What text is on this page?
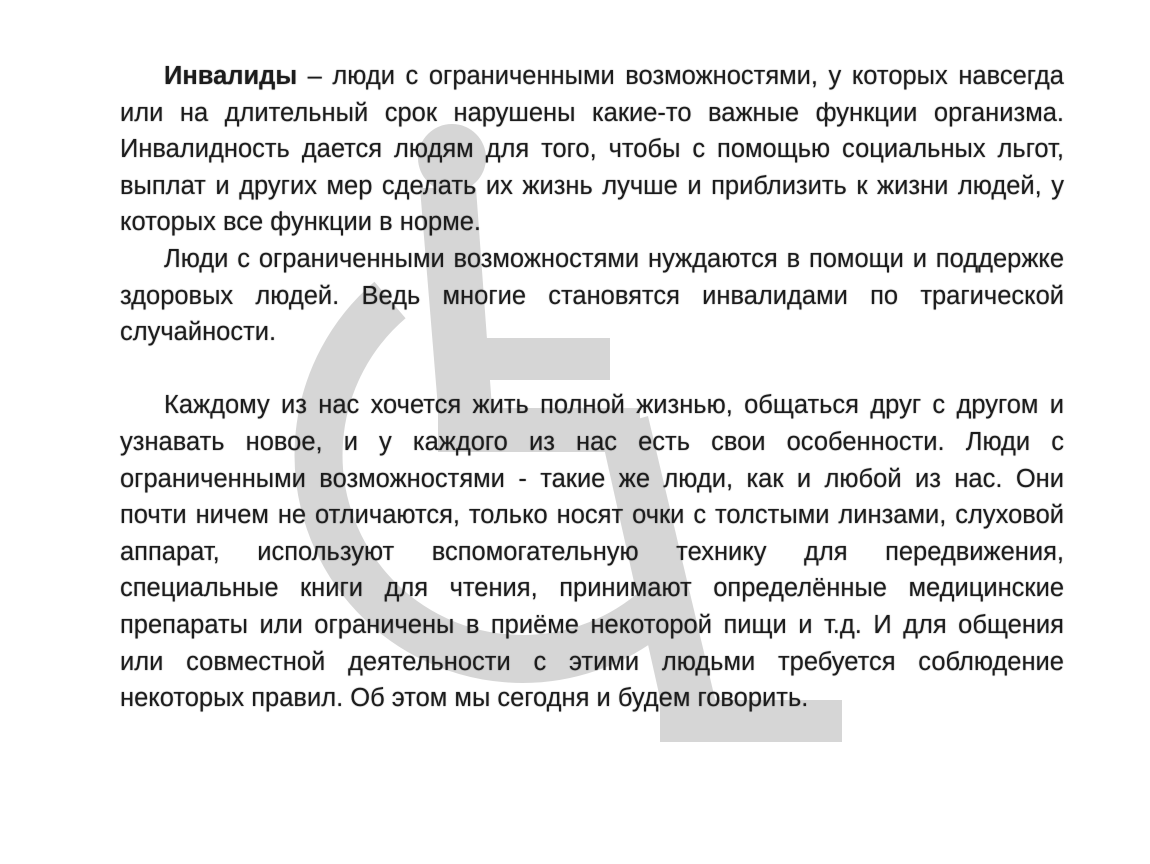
Инвалиды – люди с ограниченными возможностями, у которых навсегда или на длительный срок нарушены какие-то важные функции организма. Инвалидность дается людям для того, чтобы с помощью социальных льгот, выплат и других мер сделать их жизнь лучше и приблизить к жизни людей, у которых все функции в норме.

Люди с ограниченными возможностями нуждаются в помощи и поддержке здоровых людей. Ведь многие становятся инвалидами по трагической случайности.

Каждому из нас хочется жить полной жизнью, общаться друг с другом и узнавать новое, и у каждого из нас есть свои особенности. Люди с ограниченными возможностями - такие же люди, как и любой из нас. Они почти ничем не отличаются, только носят очки с толстыми линзами, слуховой аппарат, используют вспомогательную технику для передвижения, специальные книги для чтения, принимают определённые медицинские препараты или ограничены в приёме некоторой пищи и т.д. И для общения или совместной деятельности с этими людьми требуется соблюдение некоторых правил. Об этом мы сегодня и будем говорить.
